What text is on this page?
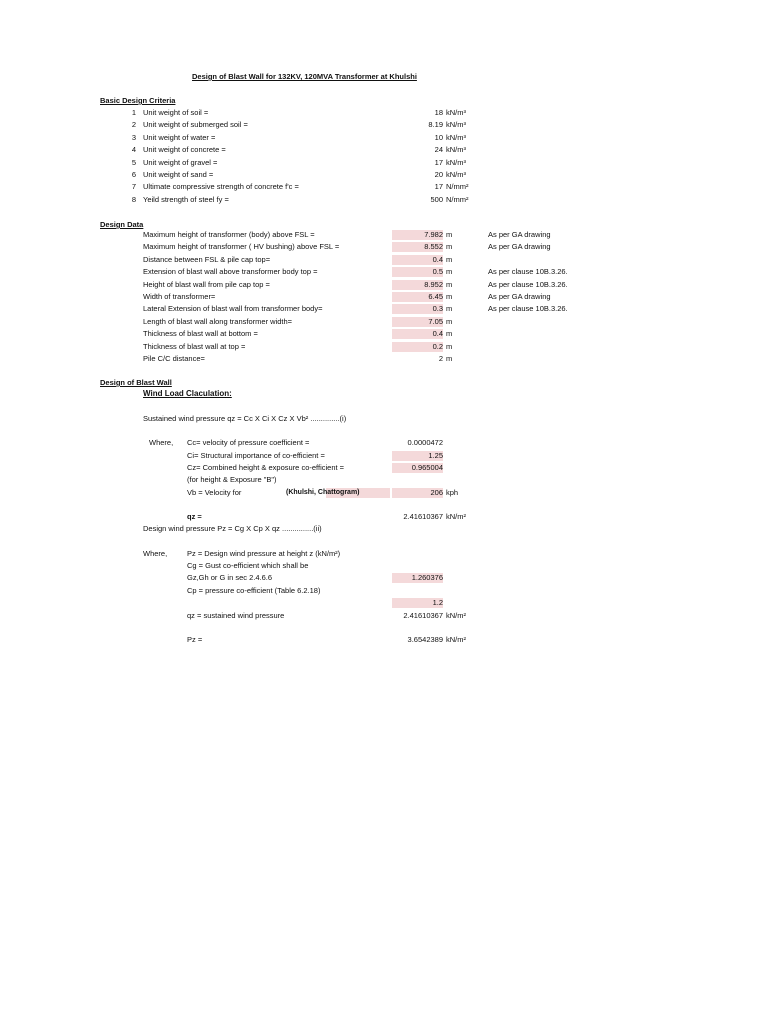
Design of Blast Wall for 132KV, 120MVA Transformer at Khulshi
Basic Design Criteria
1 Unit weight of soil =	18 kN/m³
2 Unit weight of submerged soil =	8.19 kN/m³
3 Unit weight of water =	10 kN/m³
4 Unit weight of concrete =	24 kN/m³
5 Unit weight of gravel =	17 kN/m³
6 Unit weight of sand =	20 kN/m³
7 Ultimate compressive strength of concrete f'c =	17 N/mm²
8 Yeild strength of steel fy =	500 N/mm²
Design Data
Maximum height of transformer (body) above FSL =	7.982 m	As per GA drawing
Maximum height of transformer ( HV bushing) above FSL =	8.552 m	As per GA drawing
Distance between FSL & pile cap top=	0.4 m
Extension of blast wall above transformer body top =	0.5 m	As per clause 10B.3.26.
Height of blast wall from pile cap top =	8.952 m	As per clause 10B.3.26.
Width of transformer=	6.45 m	As per GA drawing
Lateral Extension of blast wall from transformer body=	0.3 m	As per clause 10B.3.26.
Length of blast wall along transformer width=	7.05 m
Thickness of blast wall at bottom =	0.4 m
Thickness of blast wall at top =	0.2 m
Pile C/C distance=	2 m
Design of Blast Wall
Wind Load Claculation:
Sustained wind pressure qz = Cc X Ci X Cz X Vb² ..............(i)
Where, Cc= velocity of pressure coefficient =	0.0000472
Ci= Structural importance of co-efficient =	1.25
Cz= Combined height & exposure co-efficient =	0.965004
(for height & Exposure "B")
Vb = Velocity for	(Khulshi, Chattogram)	206 kph
qz =	2.41610367 kN/m²
Design wind pressure Pz = Cg X Cp X qz ...............(ii)
Where,	Pz = Design wind pressure at height z (kN/m²)
Cg = Gust co-efficient which shall be
Gz,Gh or G in sec 2.4.6.6	1.260376
Cp = pressure co-efficient (Table 6.2.18)
1.2
qz = sustained wind pressure	2.41610367 kN/m²
Pz =	3.6542389 kN/m²
